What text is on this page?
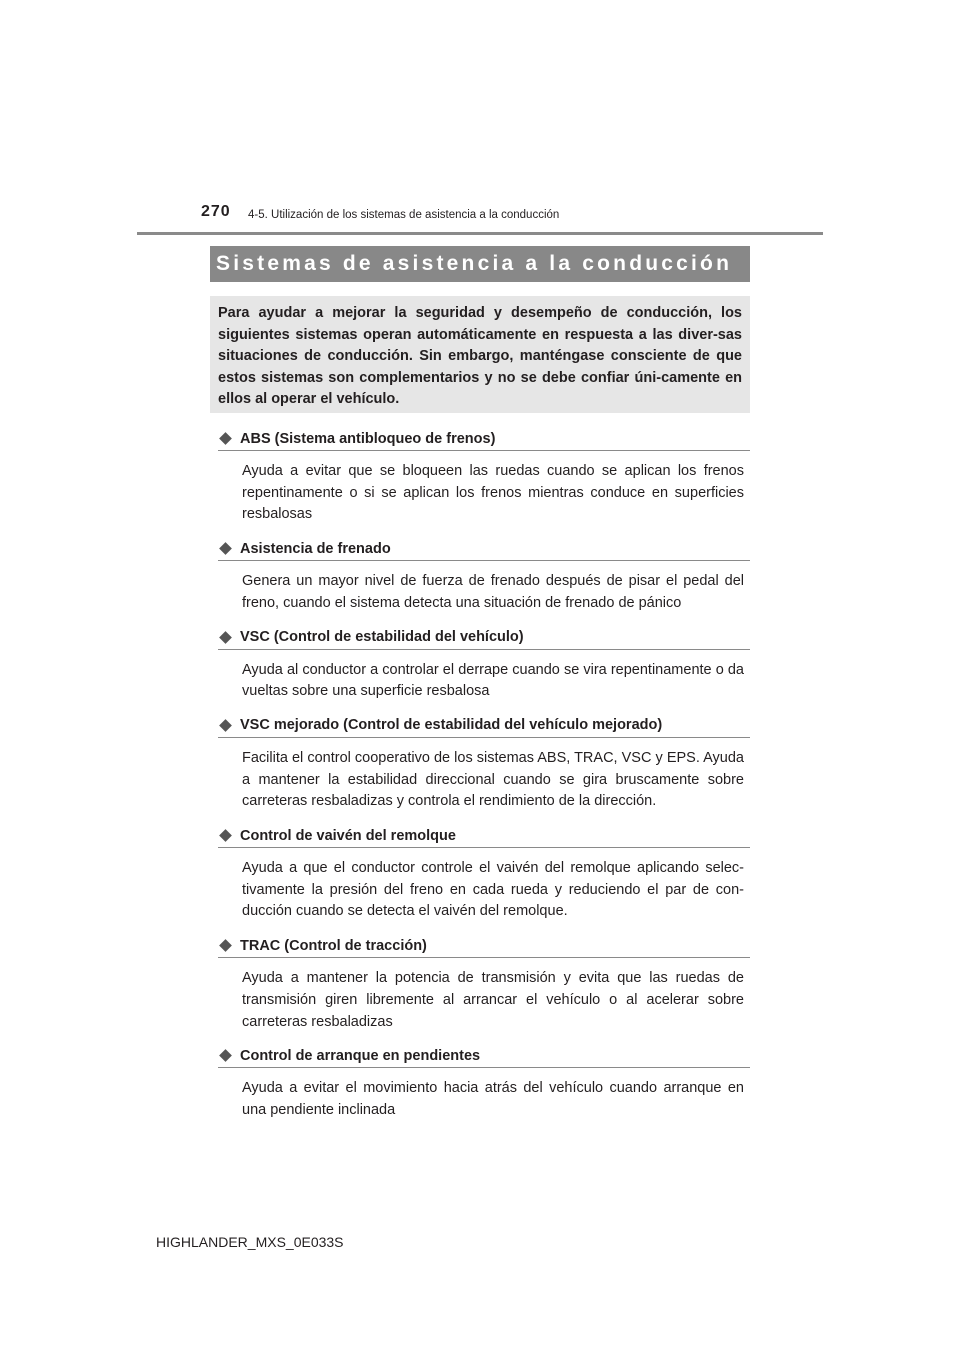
270 4-5. Utilización de los sistemas de asistencia a la conducción
Sistemas de asistencia a la conducción

Para ayudar a mejorar la seguridad y desempeño de conducción, los siguientes sistemas operan automáticamente en respuesta a las diver-sas situaciones de conducción. Sin embargo, manténgase consciente de que estos sistemas son complementarios y no se debe confiar úni-camente en ellos al operar el vehículo.

ABS (Sistema antibloqueo de frenos)

Ayuda a evitar que se bloqueen las ruedas cuando se aplican los frenos repentinamente o si se aplican los frenos mientras conduce en superficies resbalosas

Asistencia de frenado

Genera un mayor nivel de fuerza de frenado después de pisar el pedal del freno, cuando el sistema detecta una situación de frenado de pánico

VSC (Control de estabilidad del vehículo)

Ayuda al conductor a controlar el derrape cuando se vira repentinamente o da vueltas sobre una superficie resbalosa

VSC mejorado (Control de estabilidad del vehículo mejorado)

Facilita el control cooperativo de los sistemas ABS, TRAC, VSC y EPS. Ayuda a mantener la estabilidad direccional cuando se gira bruscamente sobre carreteras resbaladizas y controla el rendimiento de la dirección.

Control de vaivén del remolque

Ayuda a que el conductor controle el vaivén del remolque aplicando selec-tivamente la presión del freno en cada rueda y reduciendo el par de con-ducción cuando se detecta el vaivén del remolque.

TRAC (Control de tracción)

Ayuda a mantener la potencia de transmisión y evita que las ruedas de transmisión giren libremente al arrancar el vehículo o al acelerar sobre carreteras resbaladizas

Control de arranque en pendientes

Ayuda a evitar el movimiento hacia atrás del vehículo cuando arranque en una pendiente inclinada

HIGHLANDER_MXS_0E033S
